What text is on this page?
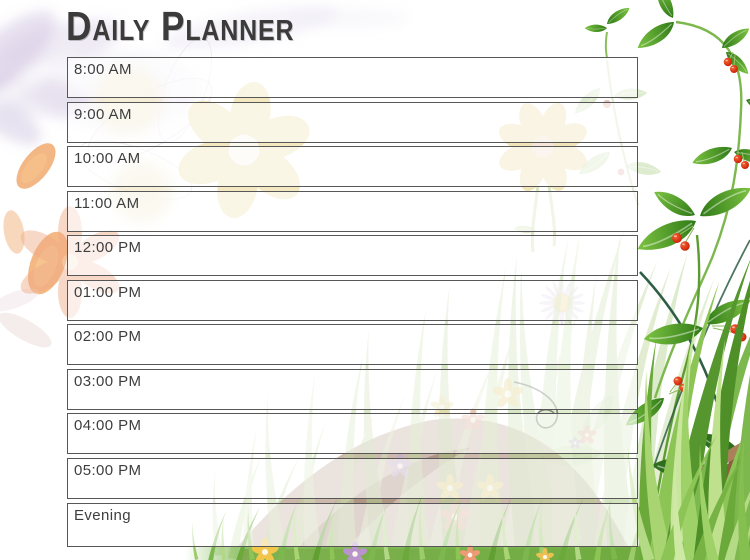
Daily Planner
8:00 AM
9:00 AM
10:00 AM
11:00 AM
12:00 PM
01:00 PM
02:00 PM
03:00 PM
04:00 PM
05:00 PM
Evening
